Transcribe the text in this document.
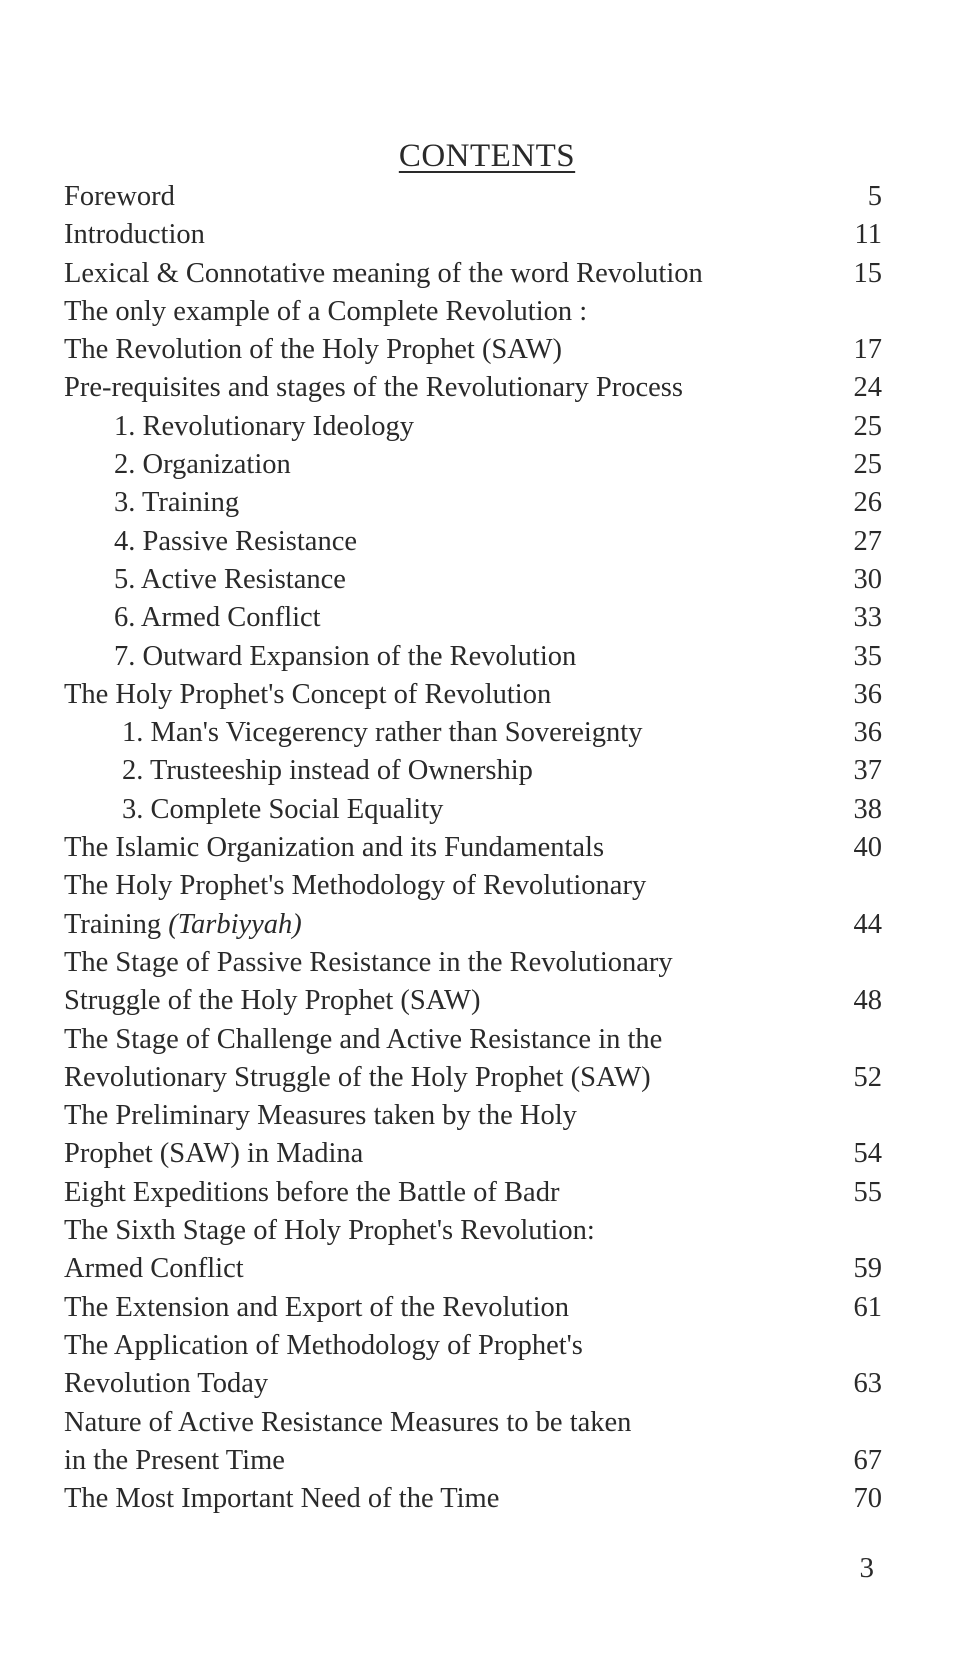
CONTENTS
Foreword	5
Introduction	11
Lexical & Connotative meaning of the word Revolution	15
The only example of a Complete Revolution :
The Revolution of the Holy Prophet (SAW)	17
Pre-requisites and stages of the Revolutionary Process	24
1. Revolutionary Ideology	25
2. Organization	25
3. Training	26
4. Passive Resistance	27
5. Active Resistance	30
6. Armed Conflict	33
7. Outward Expansion of the Revolution	35
The Holy Prophet's Concept of Revolution	36
1. Man's Vicegerency rather than Sovereignty	36
2. Trusteeship instead of Ownership	37
3. Complete Social Equality	38
The Islamic Organization and its Fundamentals	40
The Holy Prophet's Methodology of Revolutionary
Training (Tarbiyyah)	44
The Stage of Passive Resistance in the Revolutionary
Struggle of the Holy Prophet (SAW)	48
The Stage of Challenge and Active Resistance in the
Revolutionary Struggle of the Holy Prophet (SAW)	52
The Preliminary Measures taken by the Holy
Prophet (SAW) in Madina	54
Eight Expeditions before the Battle of Badr	55
The Sixth Stage of Holy Prophet's Revolution:
Armed Conflict	59
The Extension and Export of the Revolution	61
The Application of Methodology of Prophet's
Revolution Today	63
Nature of Active Resistance Measures to be taken
in the Present Time	67
The Most Important Need of the Time	70
3
